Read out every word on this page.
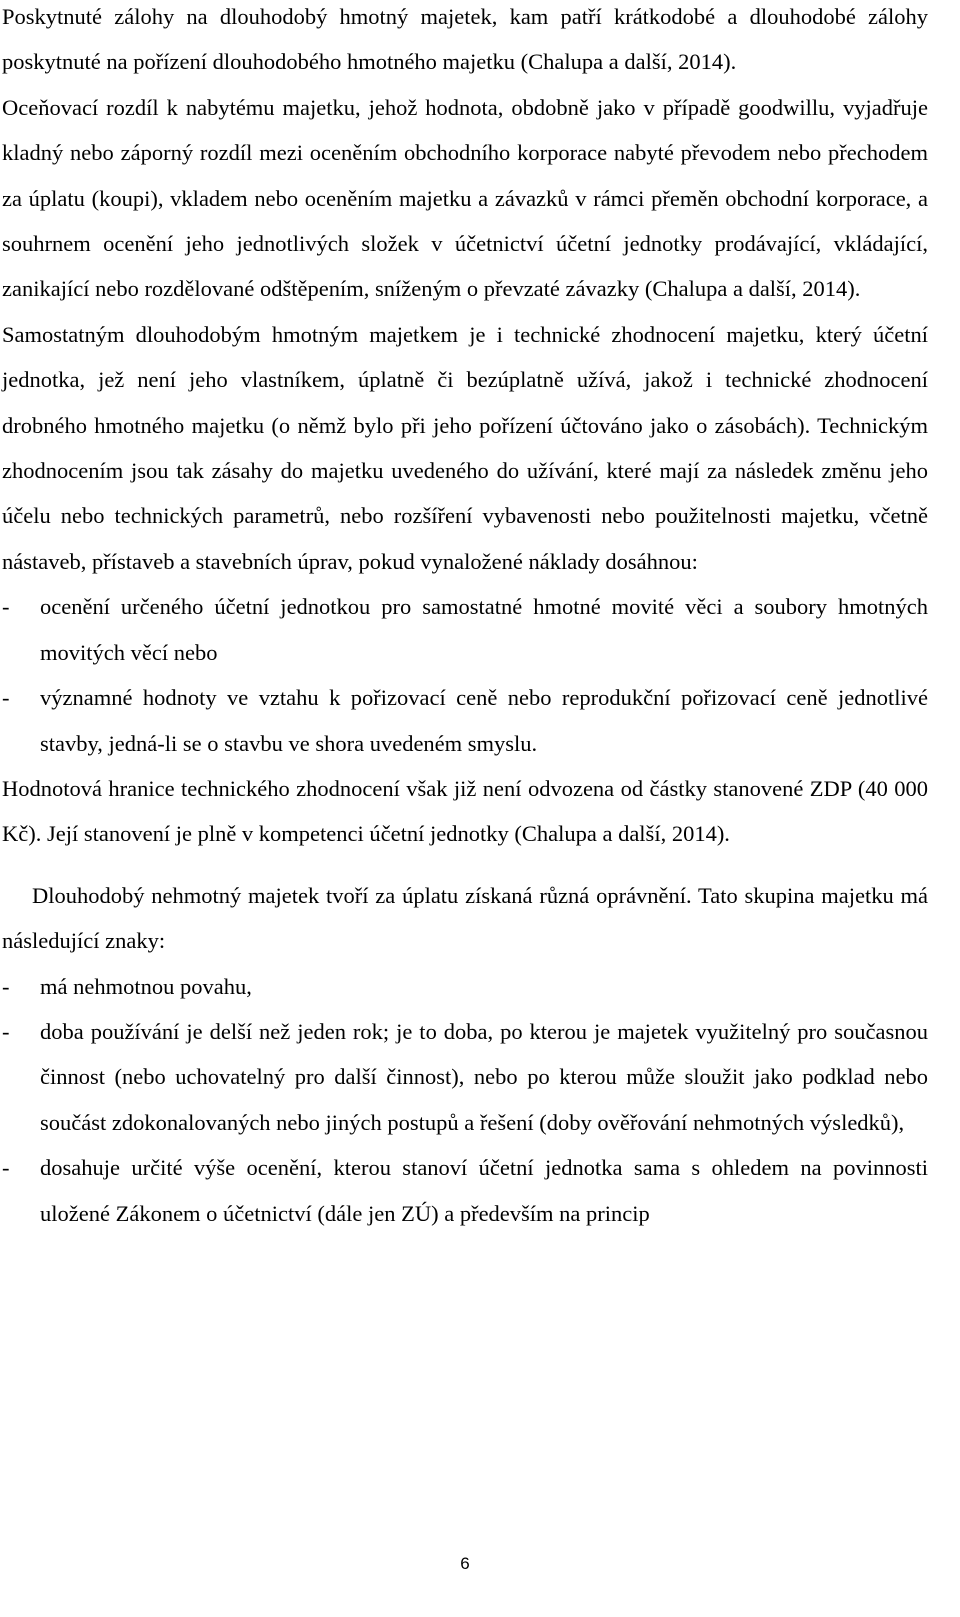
Poskytnuté zálohy na dlouhodobý hmotný majetek, kam patří krátkodobé a dlouhodobé zálohy poskytnuté na pořízení dlouhodobého hmotného majetku (Chalupa a další, 2014).

Oceňovací rozdíl k nabytému majetku, jehož hodnota, obdobně jako v případě goodwillu, vyjadřuje kladný nebo záporný rozdíl mezi oceněním obchodního korporace nabyté převodem nebo přechodem za úplatu (koupi), vkladem nebo oceněním majetku a závazků v rámci přeměn obchodní korporace, a souhrnem ocenění jeho jednotlivých složek v účetnictví účetní jednotky prodávající, vkládající, zanikající nebo rozdělované odštěpením, sníženým o převzaté závazky (Chalupa a další, 2014).

Samostatným dlouhodobým hmotným majetkem je i technické zhodnocení majetku, který účetní jednotka, jež není jeho vlastníkem, úplatně či bezúplatně užívá, jakož i technické zhodnocení drobného hmotného majetku (o němž bylo při jeho pořízení účtováno jako o zásobách). Technickým zhodnocením jsou tak zásahy do majetku uvedeného do užívání, které mají za následek změnu jeho účelu nebo technických parametrů, nebo rozšíření vybavenosti nebo použitelnosti majetku, včetně nástaveb, přístaveb a stavebních úprav, pokud vynaložené náklady dosáhnou:

- ocenění určeného účetní jednotkou pro samostatné hmotné movité věci a soubory hmotných movitých věcí nebo
- významné hodnoty ve vztahu k pořizovací ceně nebo reprodukční pořizovací ceně jednotlivé stavby, jedná-li se o stavbu ve shora uvedeném smyslu.

Hodnotová hranice technického zhodnocení však již není odvozena od částky stanovené ZDP (40 000 Kč). Její stanovení je plně v kompetenci účetní jednotky (Chalupa a další, 2014).

Dlouhodobý nehmotný majetek tvoří za úplatu získaná různá oprávnění. Tato skupina majetku má následující znaky:

- má nehmotnou povahu,
- doba používání je delší než jeden rok; je to doba, po kterou je majetek využitelný pro současnou činnost (nebo uchovatelný pro další činnost), nebo po kterou může sloužit jako podklad nebo součást zdokonalovaných nebo jiných postupů a řešení (doby ověřování nehmotných výsledků),
- dosahuje určité výše ocenění, kterou stanoví účetní jednotka sama s ohledem na povinnosti uložené Zákonem o účetnictví (dále jen ZÚ) a především na princip
6
